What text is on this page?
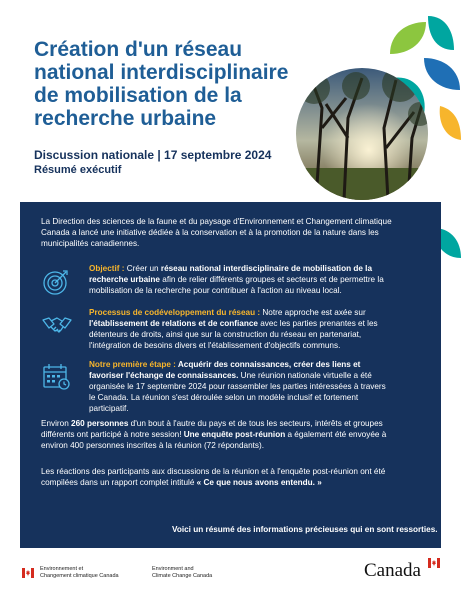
Création d'un réseau national interdisciplinaire de mobilisation de la recherche urbaine
Discussion nationale | 17 septembre 2024
Résumé exécutif

La Direction des sciences de la faune et du paysage d'Environnement et Changement climatique Canada a lancé une initiative dédiée à la conservation et à la promotion de la nature dans les municipalités canadiennes.

Objectif : Créer un réseau national interdisciplinaire de mobilisation de la recherche urbaine afin de relier différents groupes et secteurs et de permettre la mobilisation de la recherche pour contribuer à l'action au niveau local.

Processus de codéveloppement du réseau : Notre approche est axée sur l'établissement de relations et de confiance avec les parties prenantes et les détenteurs de droits, ainsi que sur la construction du réseau en partenariat, l'intégration de besoins divers et l'établissement d'objectifs communs.

Notre première étape : Acquérir des connaissances, créer des liens et favoriser l'échange de connaissances. Une réunion nationale virtuelle a été organisée le 17 septembre 2024 pour rassembler les parties intéressées à travers le Canada. La réunion s'est déroulée selon un modèle inclusif et fortement participatif.

Environ 260 personnes d'un bout à l'autre du pays et de tous les secteurs, intérêts et groupes différents ont participé à notre session! Une enquête post-réunion a également été envoyée à environ 400 personnes inscrites à la réunion (72 répondants).

Les réactions des participants aux discussions de la réunion et à l'enquête post-réunion ont été compilées dans un rapport complet intitulé « Ce que nous avons entendu. »

Voici un résumé des informations précieuses qui en sont ressorties.

Environnement et

Changement climatique Canada

Environment and

Climate Change Canada	Canada
